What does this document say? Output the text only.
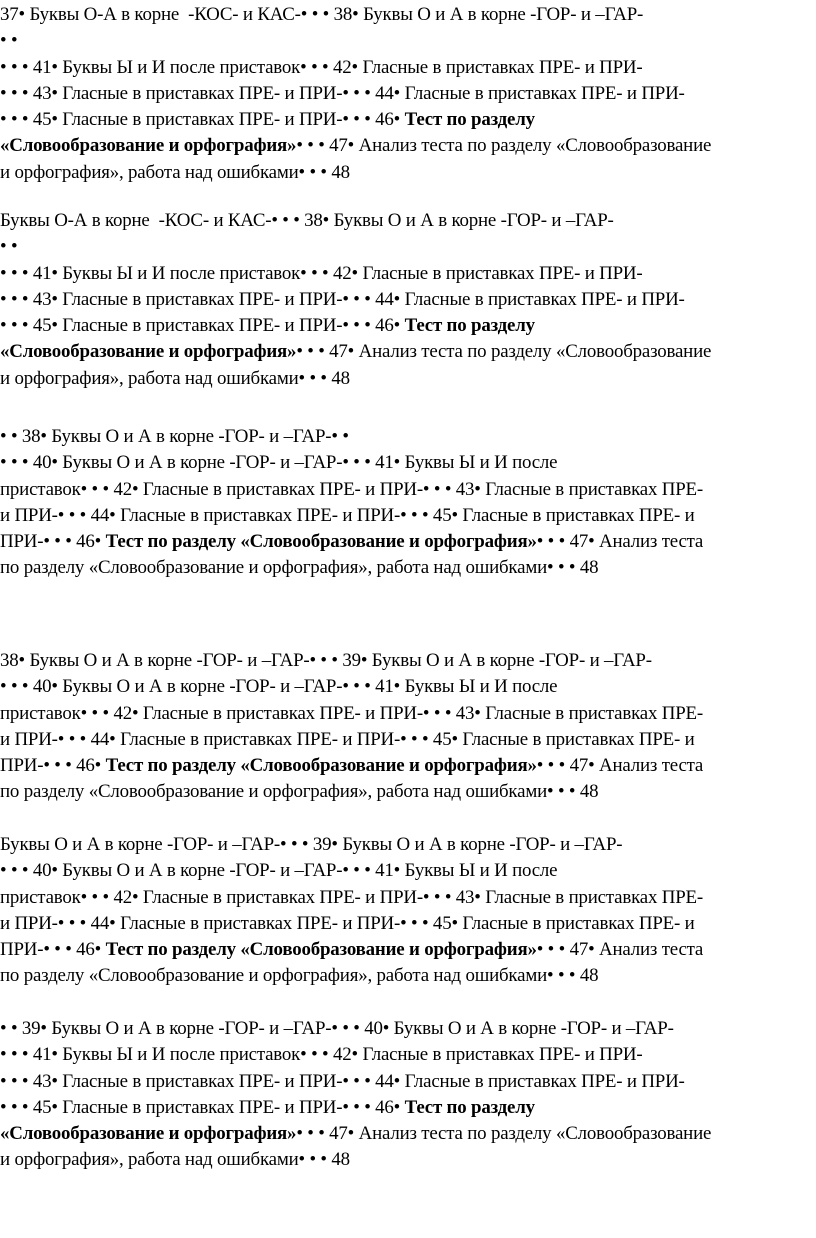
37• Буквы О-А в корне  -КОС- и КАС-• • • 38• Буквы О и А в корне -ГОР- и –ГАР-
• •
• • • 41• Буквы Ы и И после приставок• • • 42• Гласные в приставках ПРЕ- и ПРИ-
• • • 43• Гласные в приставках ПРЕ- и ПРИ-• • • 44• Гласные в приставках ПРЕ- и ПРИ-
• • • 45• Гласные в приставках ПРЕ- и ПРИ-• • • 46• Тест по разделу
«Словообразование и орфография»• • • 47• Анализ теста по разделу «Словообразование
и орфография», работа над ошибками• • • 48
Буквы О-А в корне  -КОС- и КАС-• • • 38• Буквы О и А в корне -ГОР- и –ГАР-
• •
• • • 41• Буквы Ы и И после приставок• • • 42• Гласные в приставках ПРЕ- и ПРИ-
• • • 43• Гласные в приставках ПРЕ- и ПРИ-• • • 44• Гласные в приставках ПРЕ- и ПРИ-
• • • 45• Гласные в приставках ПРЕ- и ПРИ-• • • 46• Тест по разделу
«Словообразование и орфография»• • • 47• Анализ теста по разделу «Словообразование
и орфография», работа над ошибками• • • 48
• • 38• Буквы О и А в корне -ГОР- и –ГАР-• •
• • • 40• Буквы О и А в корне -ГОР- и –ГАР-• • • 41• Буквы Ы и И после
приставок• • • 42• Гласные в приставках ПРЕ- и ПРИ-• • • 43• Гласные в приставках ПРЕ-
и ПРИ-• • • 44• Гласные в приставках ПРЕ- и ПРИ-• • • 45• Гласные в приставках ПРЕ- и
ПРИ-• • • 46• Тест по разделу «Словообразование и орфография»• • • 47• Анализ теста
по разделу «Словообразование и орфография», работа над ошибками• • • 48
38• Буквы О и А в корне -ГОР- и –ГАР-• • • 39• Буквы О и А в корне -ГОР- и –ГАР-
• • • 40• Буквы О и А в корне -ГОР- и –ГАР-• • • 41• Буквы Ы и И после
приставок• • • 42• Гласные в приставках ПРЕ- и ПРИ-• • • 43• Гласные в приставках ПРЕ-
и ПРИ-• • • 44• Гласные в приставках ПРЕ- и ПРИ-• • • 45• Гласные в приставках ПРЕ- и
ПРИ-• • • 46• Тест по разделу «Словообразование и орфография»• • • 47• Анализ теста
по разделу «Словообразование и орфография», работа над ошибками• • • 48
Буквы О и А в корне -ГОР- и –ГАР-• • • 39• Буквы О и А в корне -ГОР- и –ГАР-
• • • 40• Буквы О и А в корне -ГОР- и –ГАР-• • • 41• Буквы Ы и И после
приставок• • • 42• Гласные в приставках ПРЕ- и ПРИ-• • • 43• Гласные в приставках ПРЕ-
и ПРИ-• • • 44• Гласные в приставках ПРЕ- и ПРИ-• • • 45• Гласные в приставках ПРЕ- и
ПРИ-• • • 46• Тест по разделу «Словообразование и орфография»• • • 47• Анализ теста
по разделу «Словообразование и орфография», работа над ошибками• • • 48
• • 39• Буквы О и А в корне -ГОР- и –ГАР-• • • 40• Буквы О и А в корне -ГОР- и –ГАР-
• • • 41• Буквы Ы и И после приставок• • • 42• Гласные в приставках ПРЕ- и ПРИ-
• • • 43• Гласные в приставках ПРЕ- и ПРИ-• • • 44• Гласные в приставках ПРЕ- и ПРИ-
• • • 45• Гласные в приставках ПРЕ- и ПРИ-• • • 46• Тест по разделу
«Словообразование и орфография»• • • 47• Анализ теста по разделу «Словообразование
и орфография», работа над ошибками• • • 48
